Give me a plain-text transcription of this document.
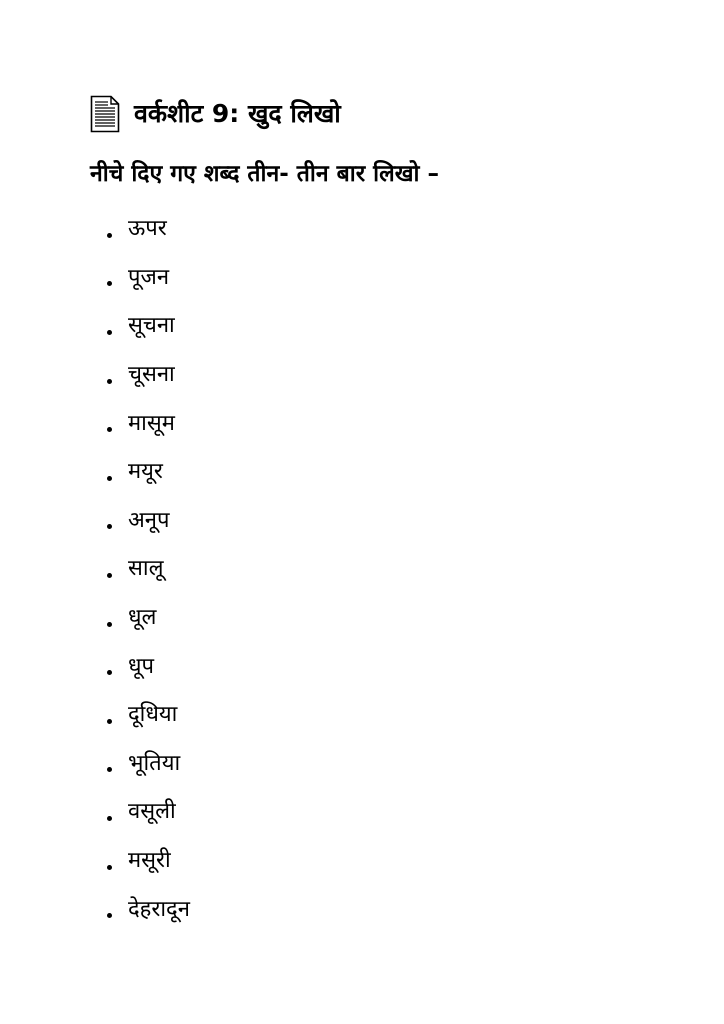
वर्कशीट 9: खुद लिखो
नीचे दिए गए शब्द तीन- तीन बार लिखो –
ऊपर
पूजन
सूचना
चूसना
मासूम
मयूर
अनूप
सालू
धूल
धूप
दूधिया
भूतिया
वसूली
मसूरी
देहरादून
